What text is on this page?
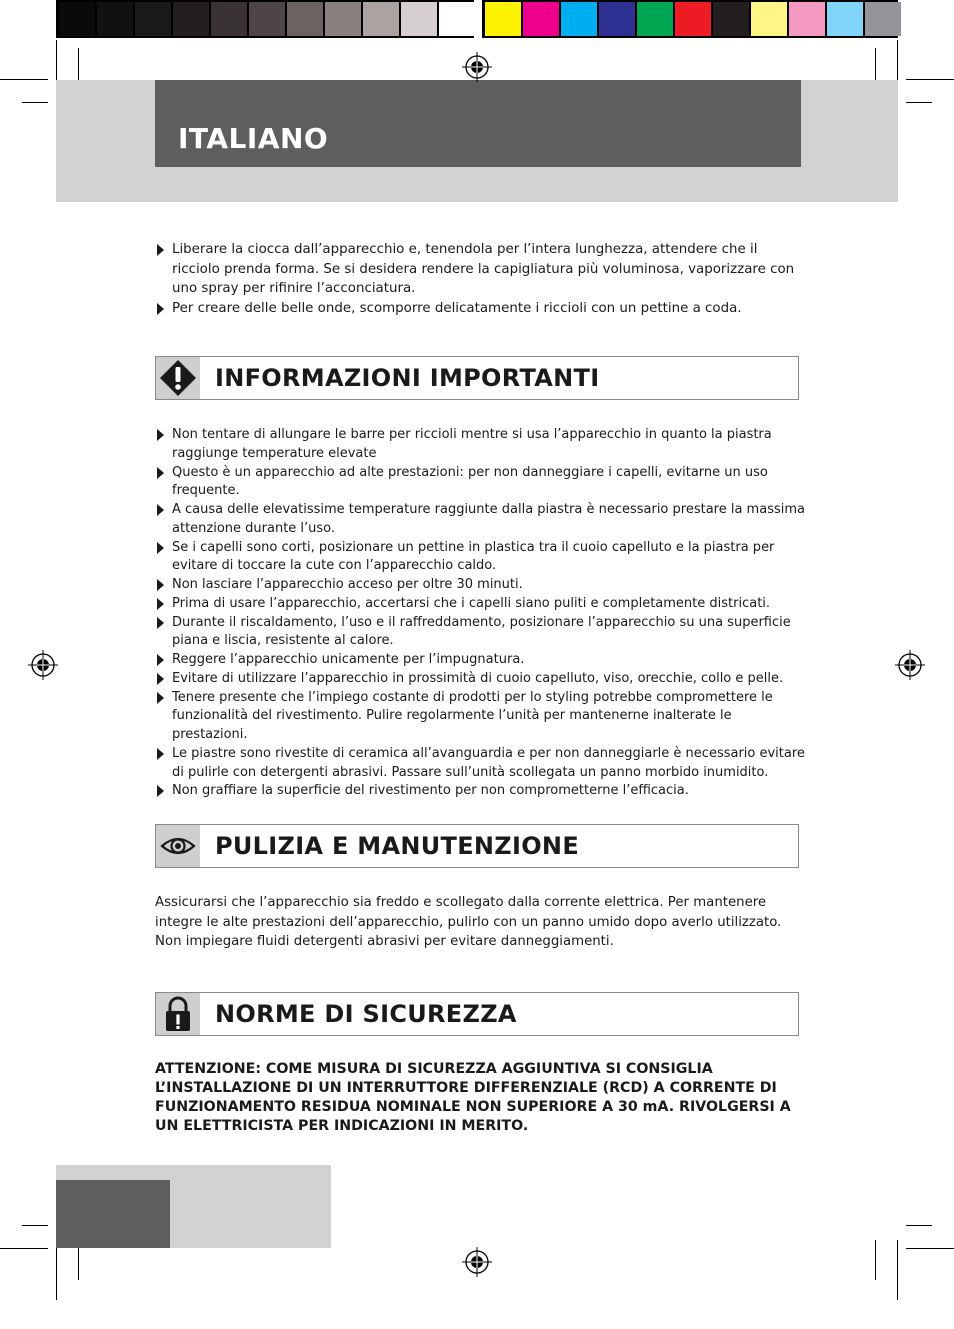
ITALIANO
Liberare la ciocca dall’apparecchio e, tenendola per l’intera lunghezza, attendere che il ricciolo prenda forma. Se si desidera rendere la capigliatura più voluminosa, vaporizzare con uno spray per rifinire l’acconciatura.
Per creare delle belle onde, scomporre delicatamente i riccioli con un pettine a coda.
INFORMAZIONI IMPORTANTI
Non tentare di allungare le barre per riccioli mentre si usa l’apparecchio in quanto la piastra raggiunge temperature elevate
Questo è un apparecchio ad alte prestazioni: per non danneggiare i capelli, evitarne un uso frequente.
A causa delle elevatissime temperature raggiunte dalla piastra è necessario prestare la massima attenzione durante l’uso.
Se i capelli sono corti, posizionare un pettine in plastica tra il cuoio capelluto e la piastra per evitare di toccare la cute con l’apparecchio caldo.
Non lasciare l’apparecchio acceso per oltre 30 minuti.
Prima di usare l’apparecchio, accertarsi che i capelli siano puliti e completamente districati.
Durante il riscaldamento, l’uso e il raffreddamento, posizionare l’apparecchio su una superficie piana e liscia, resistente al calore.
Reggere l’apparecchio unicamente per l’impugnatura.
Evitare di utilizzare l’apparecchio in prossimità di cuoio capelluto, viso, orecchie, collo e pelle.
Tenere presente che l’impiego costante di prodotti per lo styling potrebbe compromettere le funzionalità del rivestimento. Pulire regolarmente l’unità per mantenerne inalterate le prestazioni.
Le piastre sono rivestite di ceramica all’avanguardia e per non danneggiarle è necessario evitare di pulirle con detergenti abrasivi. Passare sull’unità scollegata un panno morbido inumidito.
Non graffiare la superficie del rivestimento per non comprometterne l’efficacia.
PULIZIA E MANUTENZIONE

Assicurarsi che l’apparecchio sia freddo e scollegato dalla corrente elettrica. Per mantenere integre le alte prestazioni dell’apparecchio, pulirlo con un panno umido dopo averlo utilizzato. Non impiegare fluidi detergenti abrasivi per evitare danneggiamenti.

NORME DI SICUREZZA

ATTENZIONE: COME MISURA DI SICUREZZA AGGIUNTIVA SI CONSIGLIA L’INSTALLAZIONE DI UN INTERRUTTORE DIFFERENZIALE (RCD) A CORRENTE DI FUNZIONAMENTO RESIDUA NOMINALE NON SUPERIORE A 30 mA. RIVOLGERSI A UN ELETTRICISTA PER INDICAZIONI IN MERITO.
